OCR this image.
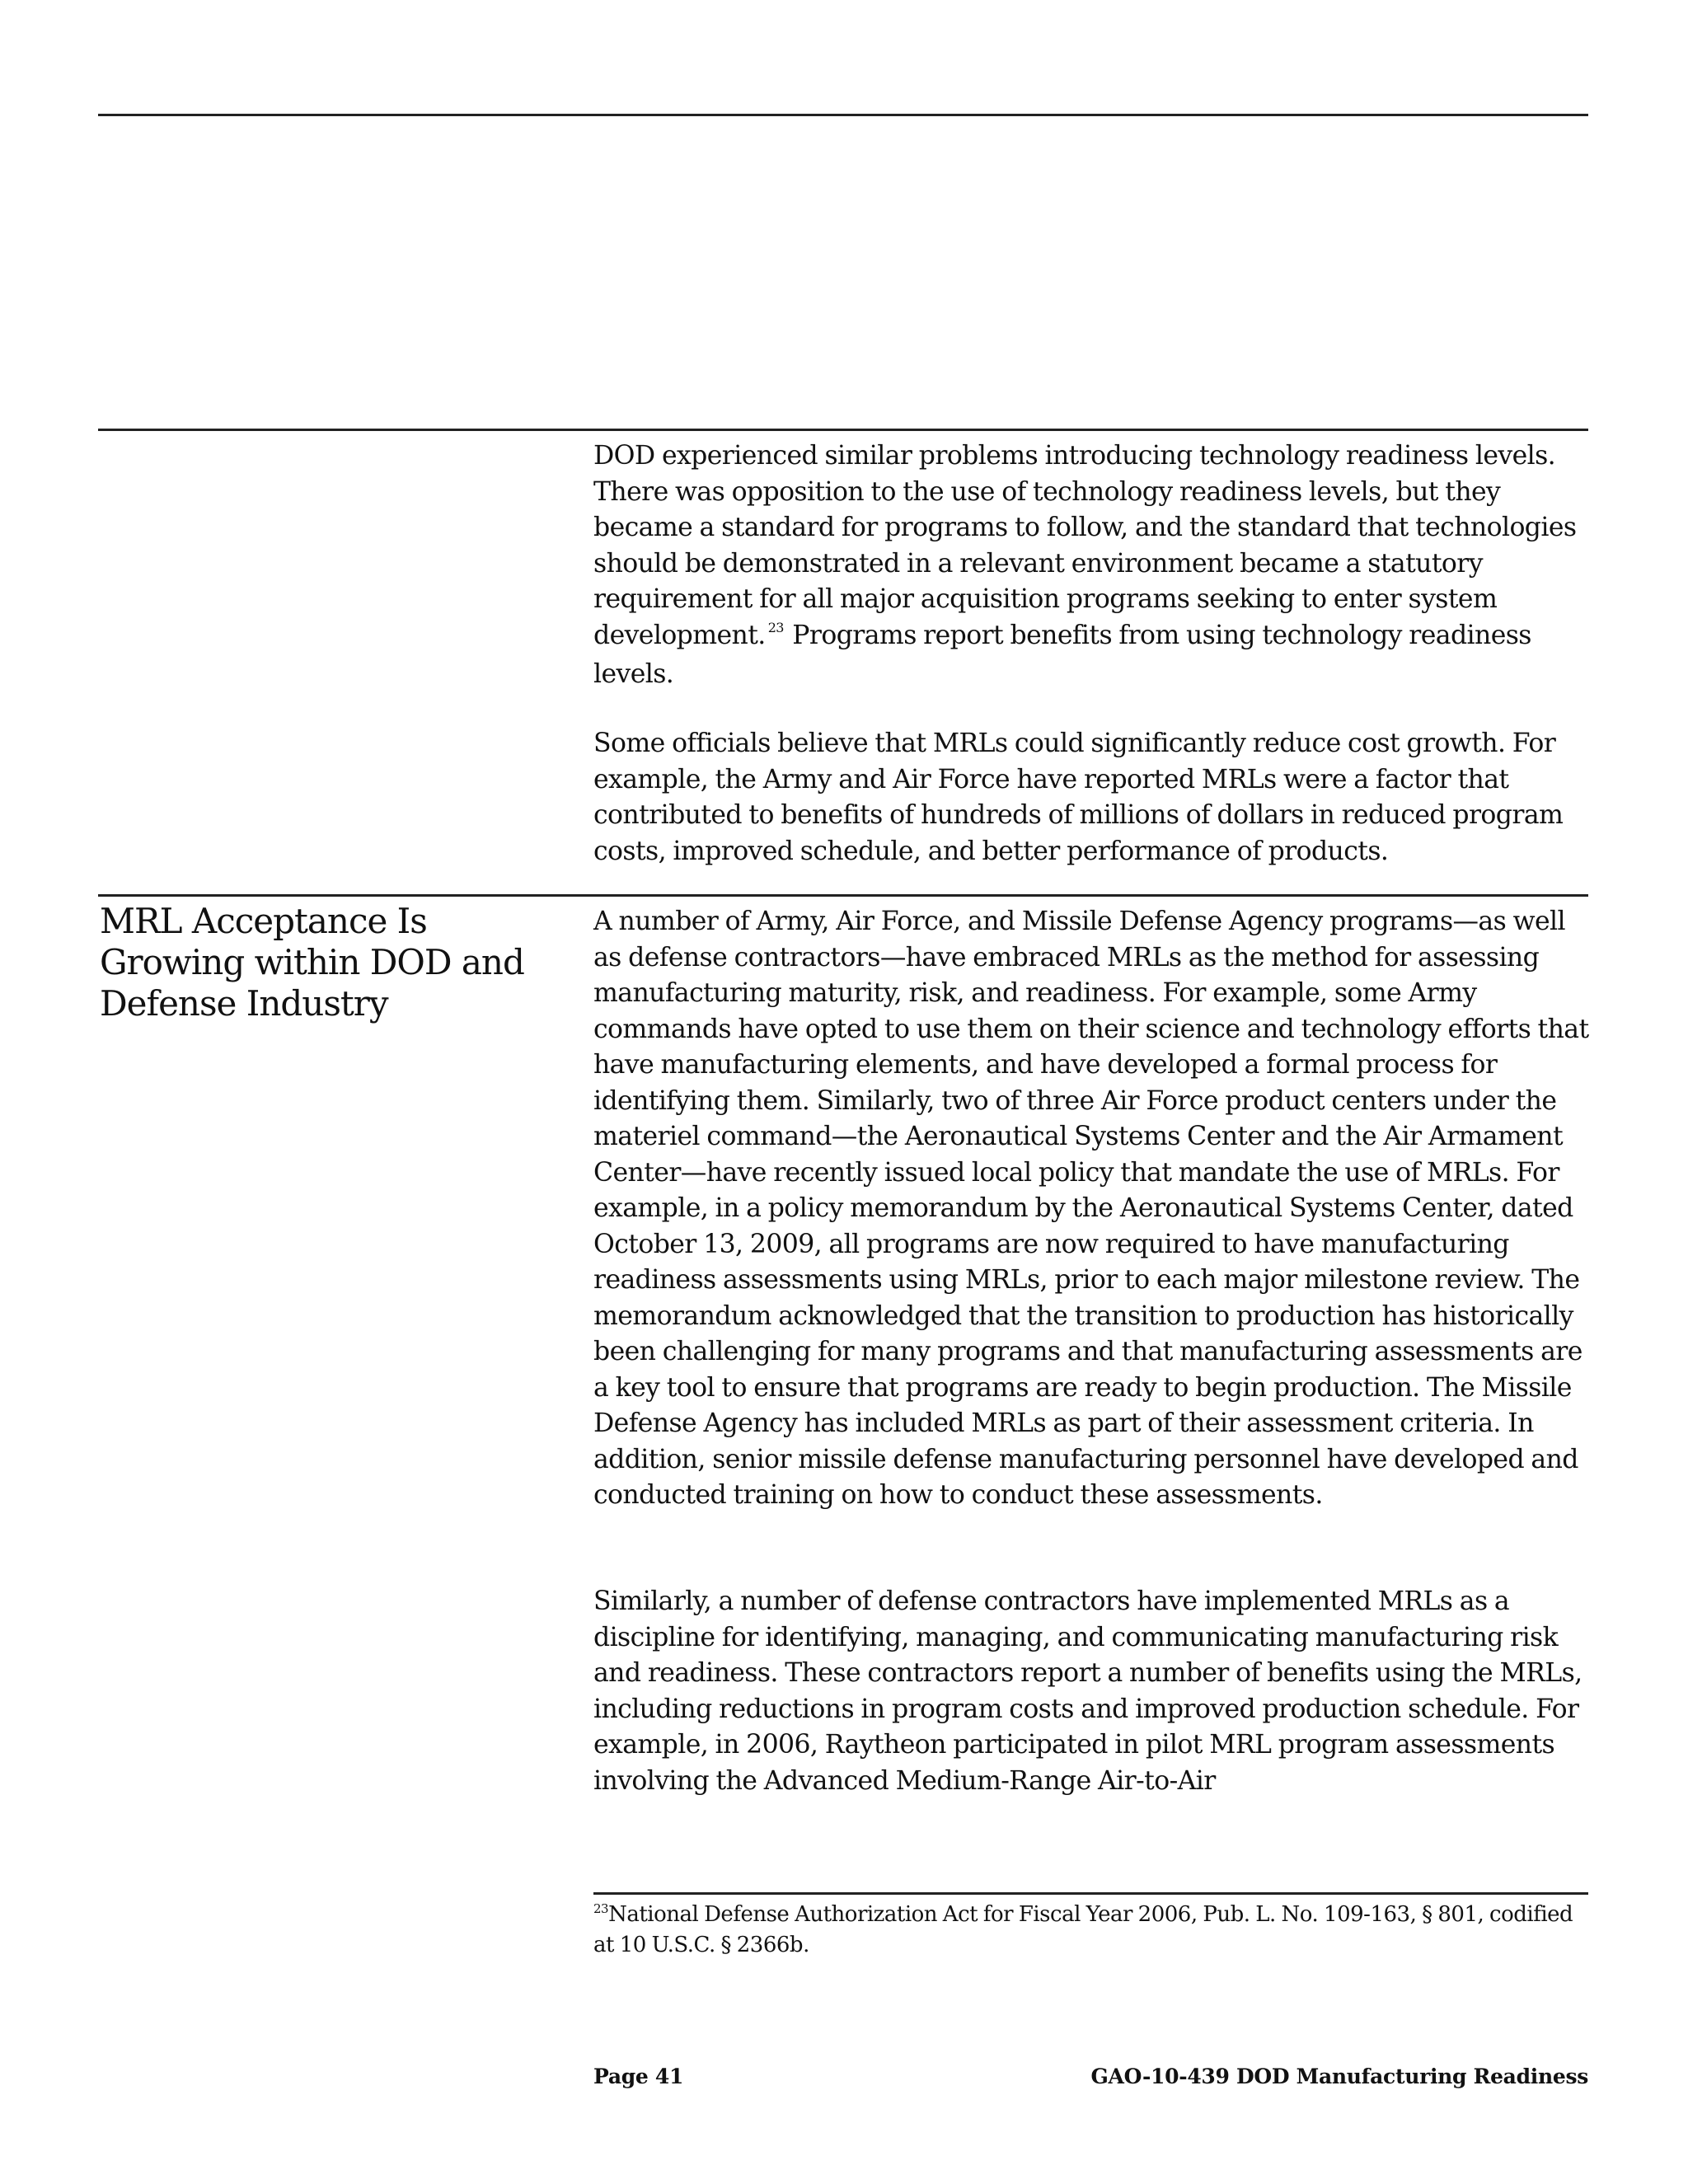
DOD experienced similar problems introducing technology readiness levels. There was opposition to the use of technology readiness levels, but they became a standard for programs to follow, and the standard that technologies should be demonstrated in a relevant environment became a statutory requirement for all major acquisition programs seeking to enter system development. $^{23}$ Programs report benefits from using technology readiness levels.

Some officials believe that MRLs could significantly reduce cost growth. For example, the Army and Air Force have reported MRLs were a factor that contributed to benefits of hundreds of millions of dollars in reduced program costs, improved schedule, and better performance of products.

MRL Acceptance Is Growing within DOD and Defense Industry

A number of Army, Air Force, and Missile Defense Agency programs—as well as defense contractors—have embraced MRLs as the method for assessing manufacturing maturity, risk, and readiness. For example, some Army commands have opted to use them on their science and technology efforts that have manufacturing elements, and have developed a formal process for identifying them. Similarly, two of three Air Force product centers under the materiel command—the Aeronautical Systems Center and the Air Armament Center—have recently issued local policy that mandate the use of MRLs. For example, in a policy memorandum by the Aeronautical Systems Center, dated October 13, 2009, all programs are now required to have manufacturing readiness assessments using MRLs, prior to each major milestone review. The memorandum acknowledged that the transition to production has historically been challenging for many programs and that manufacturing assessments are a key tool to ensure that programs are ready to begin production. The Missile Defense Agency has included MRLs as part of their assessment criteria. In addition, senior missile defense manufacturing personnel have developed and conducted training on how to conduct these assessments.

Similarly, a number of defense contractors have implemented MRLs as a discipline for identifying, managing, and communicating manufacturing risk and readiness. These contractors report a number of benefits using the MRLs, including reductions in program costs and improved production schedule. For example, in 2006, Raytheon participated in pilot MRL program assessments involving the Advanced Medium-Range Air-to-Air

$^{23}$National Defense Authorization Act for Fiscal Year 2006, Pub. L. No. 109-163, § 801, codified at 10 U.S.C. § 2366b.
Page 41	GAO-10-439 DOD Manufacturing Readiness
